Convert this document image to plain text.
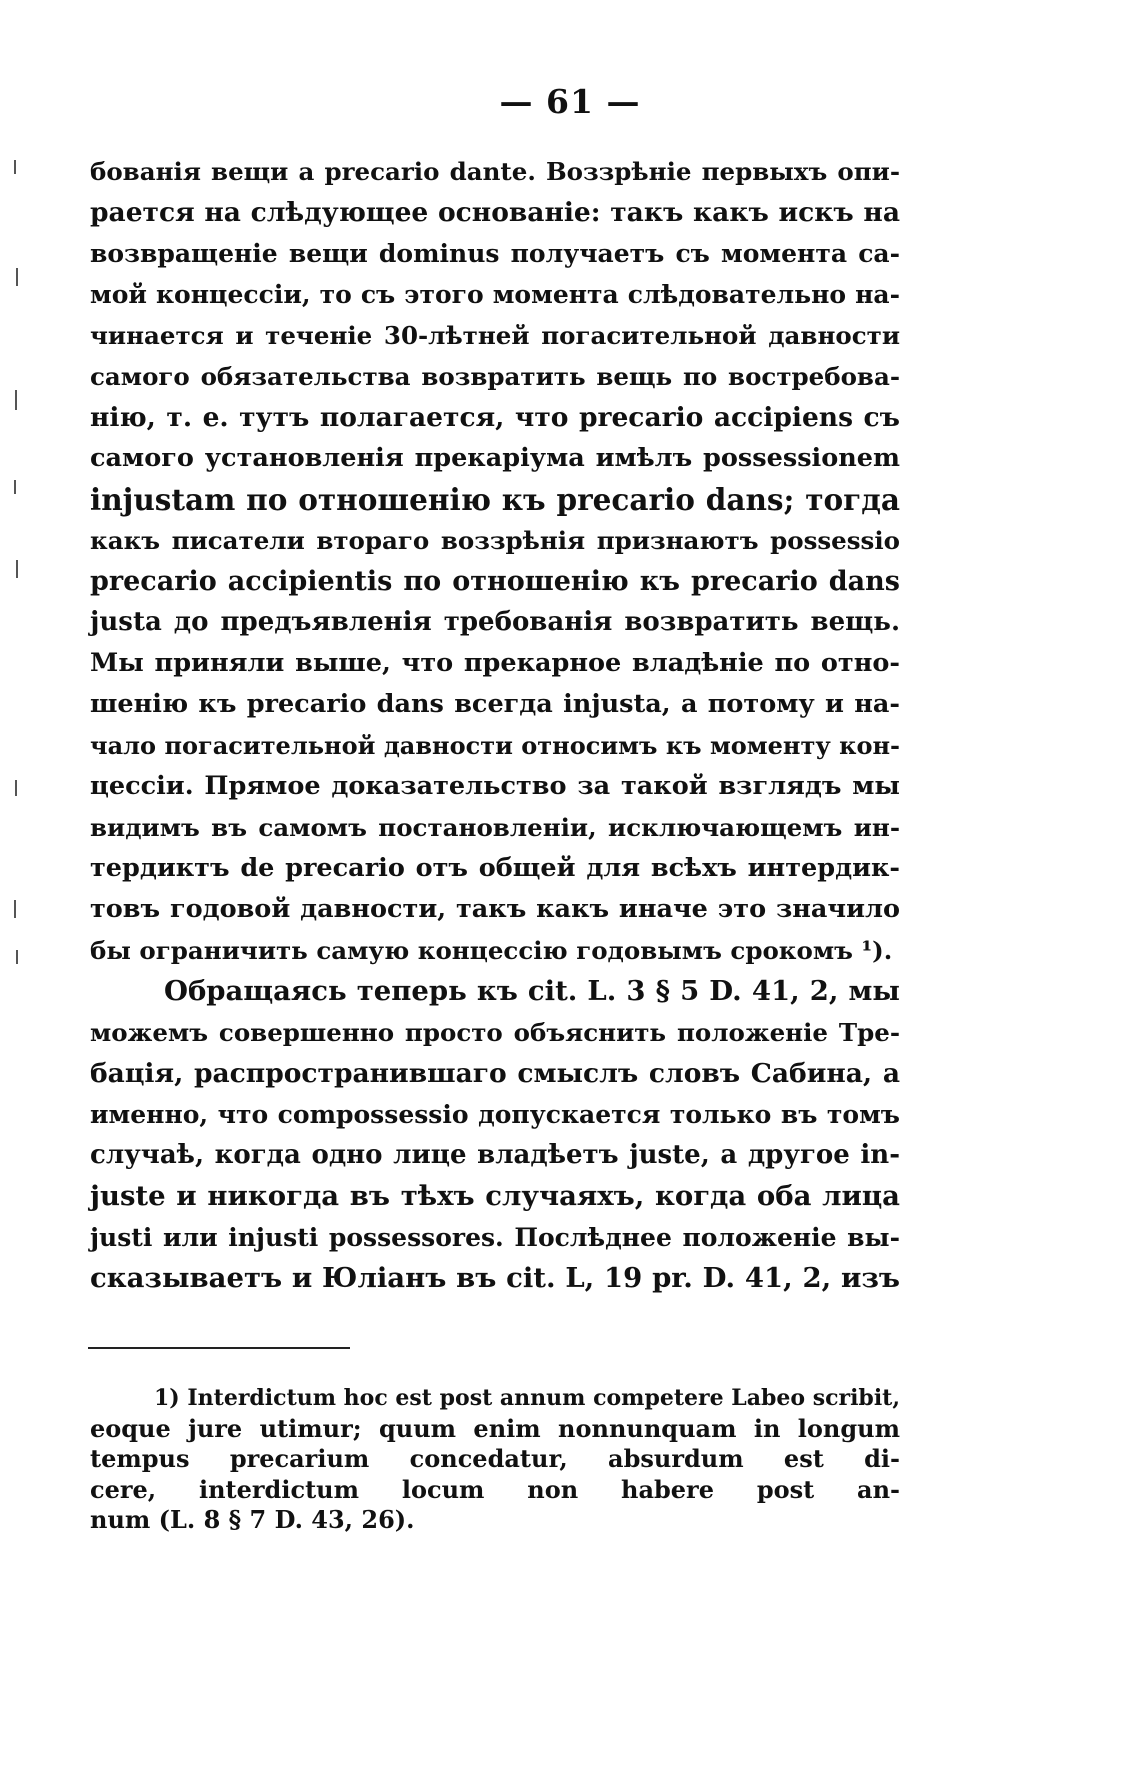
— 61 —
бованія вещи а precario dante. Воззрѣніе первыхъ опи-
рается на слѣдующее основаніе: такъ какъ искъ на
возвращеніе вещи dominus получаетъ съ момента са-
мой концессіи, то съ этого момента слѣдовательно на-
чинается и теченіе 30-лѣтней погасительной давности
самого обязательства возвратить вещь по востребова-
нію, т. е. тутъ полагается, что precario accipiens съ
самого установленія прекаріума имѣлъ possessionem
injustam по отношенію къ precario dans; тогда
какъ писатели втораго воззрѣнія признаютъ possessio
precario accipientis по отношенію къ precario dans
justa до предъявленія требованія возвратить вещь.
Мы приняли выше, что прекарное владѣніе по отно-
шенію къ precario dans всегда injusta, а потому и на-
чало погасительной давности относимъ къ моменту кон-
цессіи. Прямое доказательство за такой взглядъ мы
видимъ въ самомъ постановленіи, исключающемъ ин-
тердиктъ de precario отъ общей для всѣхъ интердик-
товъ годовой давности, такъ какъ иначе это значило
бы ограничить самую концессію годовымъ срокомъ ¹).
Обращаясь теперь къ cit. L. 3 § 5 D. 41, 2, мы
можемъ совершенно просто объяснить положеніе Тре-
бація, распространившаго смыслъ словъ Сабина, а
именно, что compossessio допускается только въ томъ
случаѣ, когда одно лице владѣетъ juste, а другое in-
juste и никогда въ тѣхъ случаяхъ, когда оба лица
justi или injusti possessores. Послѣднее положеніе вы-
сказываетъ и Юліанъ въ cit. L, 19 pr. D. 41, 2, изъ
1) Interdictum hoc est post annum competere Labeo scribit,
eoque jure utimur; quum enim nonnunquam in longum
tempus precarium concedatur, absurdum est di-
cere, interdictum locum non habere post an-
num (L. 8 § 7 D. 43, 26).
